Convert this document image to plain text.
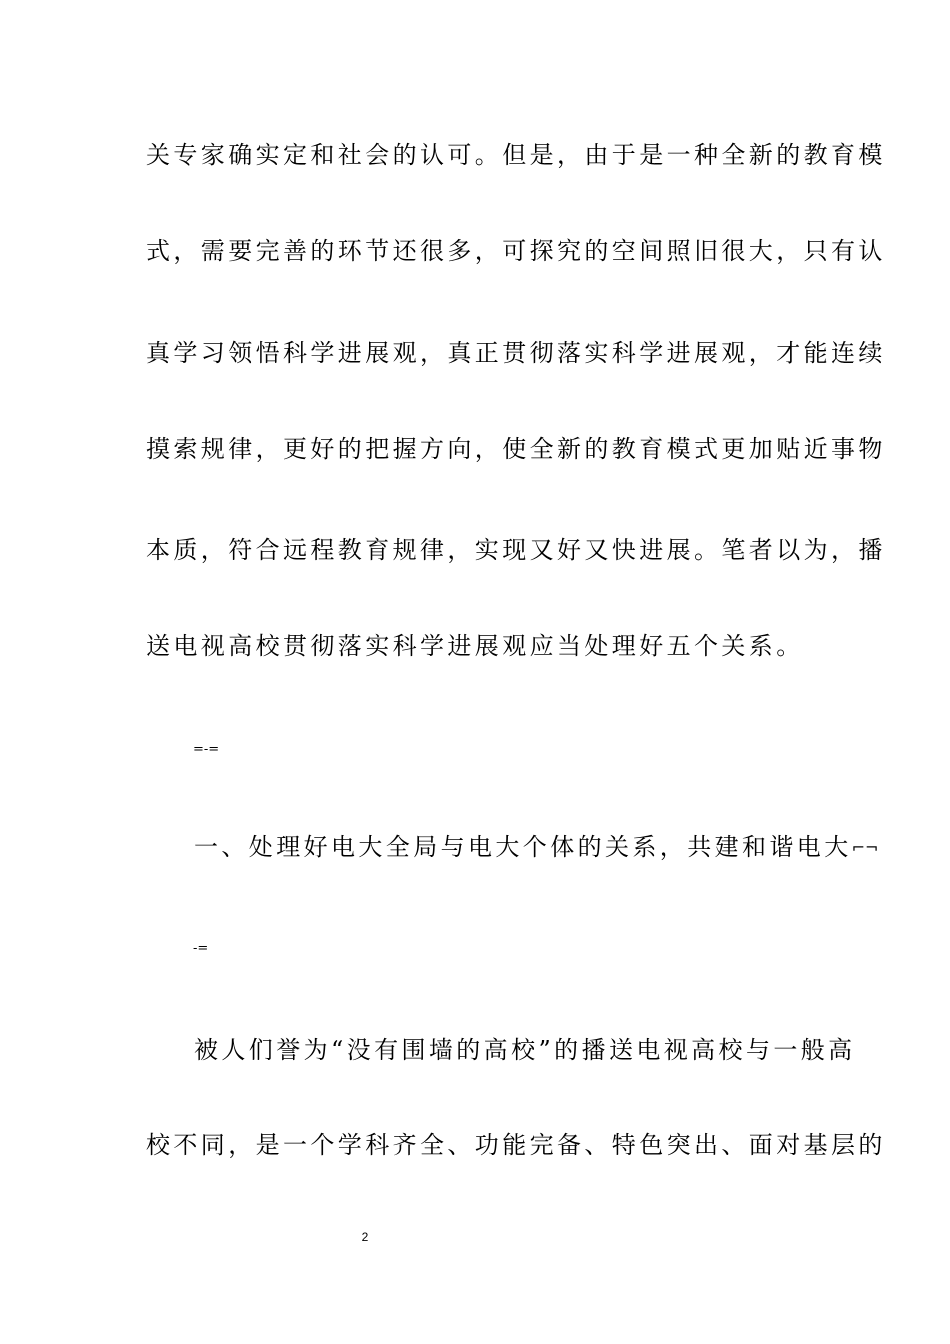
关专家确实定和社会的认可。但是，由于是一种全新的教育模
式，需要完善的环节还很多，可探究的空间照旧很大，只有认
真学习领悟科学进展观，真正贯彻落实科学进展观，才能连续
摸索规律，更好的把握方向，使全新的教育模式更加贴近事物
本质，符合远程教育规律，实现又好又快进展。笔者以为，播
送电视高校贯彻落实科学进展观应当处理好五个关系。
=-=
一、处理好电大全局与电大个体的关系，共建和谐电大⌐¬
-=
被人们誉为“没有围墙的高校”的播送电视高校与一般高
校不同，是一个学科齐全、功能完备、特色突出、面对基层的
2
